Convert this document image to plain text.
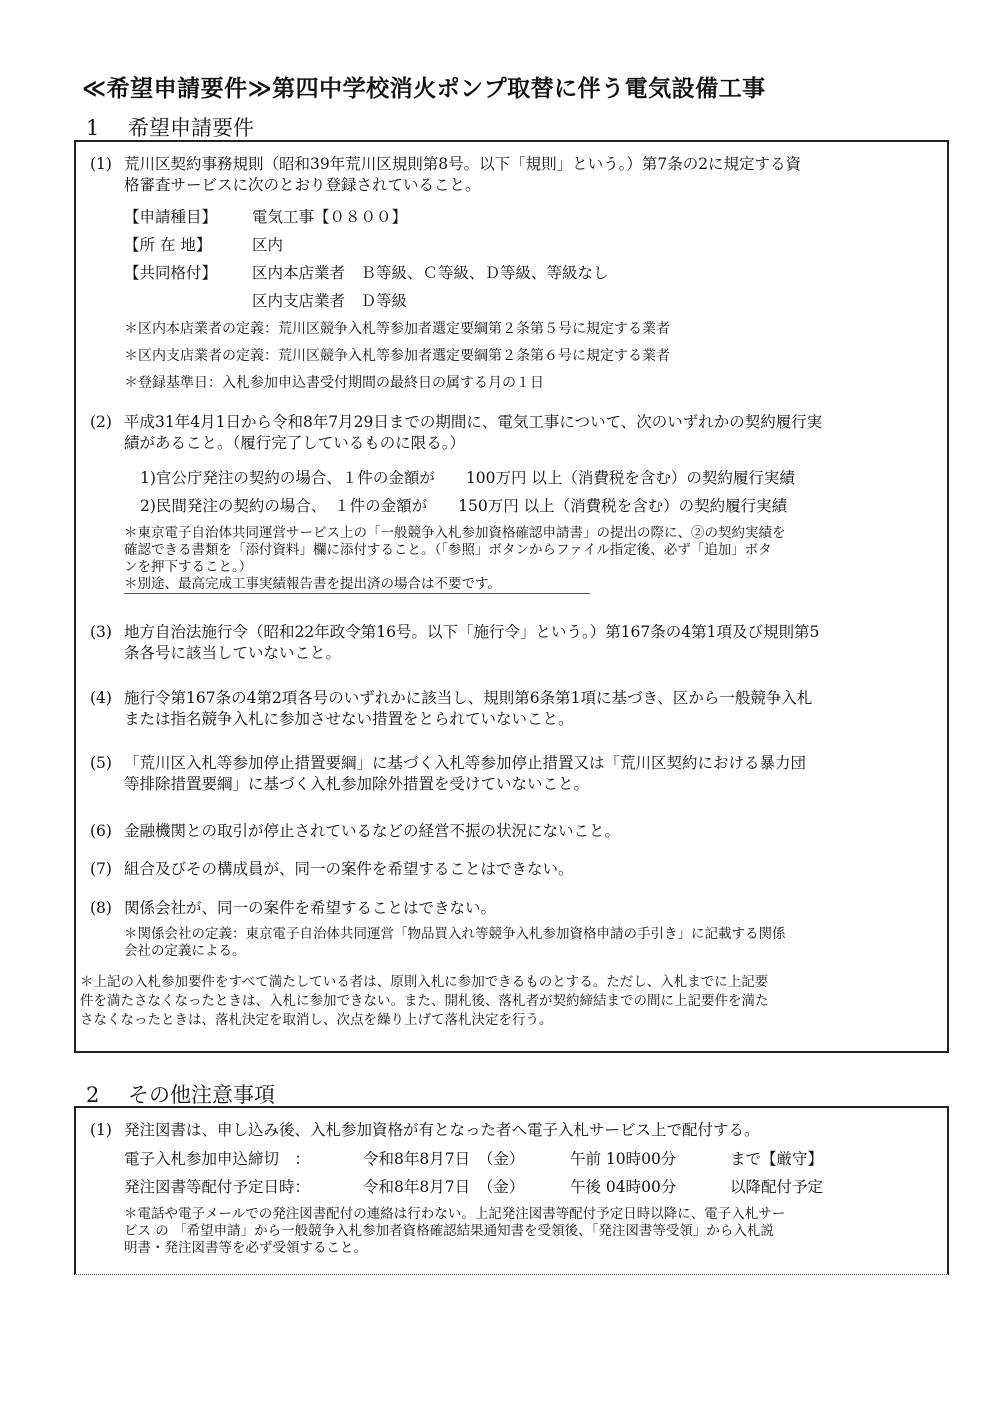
≪希望申請要件≫第四中学校消火ポンプ取替に伴う電気設備工事
1 希望申請要件
(1) 荒川区契約事務規則（昭和39年荒川区規則第8号。以下「規則」という。）第7条の2に規定する資
格審査サービスに次のとおり登録されていること。
【申請種目】 電気工事【０８００】
【所 在 地】	区内
【共同格付】 区内本店業者　Ｂ等級、Ｃ等級、Ｄ等級、等級なし
区内支店業者　Ｄ等級
＊区内本店業者の定義：荒川区競争入札等参加者選定要綱第２条第５号に規定する業者
＊区内支店業者の定義：荒川区競争入札等参加者選定要綱第２条第６号に規定する業者
＊登録基準日：入札参加申込書受付期間の最終日の属する月の１日
(2) 平成31年4月1日から令和8年7月29日までの期間に、電気工事について、次のいずれかの契約履行実
績があること。（履行完了しているものに限る。）
1)官公庁発注の契約の場合、１件の金額が　　100万円 以上（消費税を含む）の契約履行実績
2)民間発注の契約の場合、　１件の金額が　　150万円 以上（消費税を含む）の契約履行実績
＊東京電子自治体共同運営サービス上の「一般競争入札参加資格確認申請書」の提出の際に、②の契約実績を
確認できる書類を「添付資料」欄に添付すること。（「参照」ボタンからファイル指定後、必ず「追加」ボタ
ンを押下すること。）
＊別途、最高完成工事実績報告書を提出済の場合は不要です。
(3) 地方自治法施行令（昭和22年政令第16号。以下「施行令」という。）第167条の4第1項及び規則第5
条各号に該当していないこと。
(4) 施行令第167条の4第2項各号のいずれかに該当し、規則第6条第1項に基づき、区から一般競争入札
または指名競争入札に参加させない措置をとられていないこと。
(5) 「荒川区入札等参加停止措置要綱」に基づく入札等参加停止措置又は「荒川区契約における暴力団
等排除措置要綱」に基づく入札参加除外措置を受けていないこと。
(6) 金融機関との取引が停止されているなどの経営不振の状況にないこと。
(7) 組合及びその構成員が、同一の案件を希望することはできない。
(8) 関係会社が、同一の案件を希望することはできない。
＊関係会社の定義：東京電子自治体共同運営「物品買入れ等競争入札参加資格申請の手引き」に記載する関係
会社の定義による。
＊上記の入札参加要件をすべて満たしている者は、原則入札に参加できるものとする。ただし、入札までに上記要
件を満たさなくなったときは、入札に参加できない。また、開札後、落札者が契約締結までの間に上記要件を満た
さなくなったときは、落札決定を取消し、次点を繰り上げて落札決定を行う。
2 その他注意事項
(1) 発注図書は、申し込み後、入札参加資格が有となった者へ電子入札サービス上で配付する。
電子入札参加申込締切　：	令和8年8月7日　（金）	午前 10時00分	まで【厳守】
発注図書等配付予定日時：	令和8年8月7日　（金）	午後 04時00分	以降配付予定
＊電話や電子メールでの発注図書配付の連絡は行わない。上記発注図書等配付予定日時以降に、電子入札サー
ビス の 「希望申請」から一般競争入札参加者資格確認結果通知書を受領後、「発注図書等受領」から入札説
明書・発注図書等を必ず受領すること。
